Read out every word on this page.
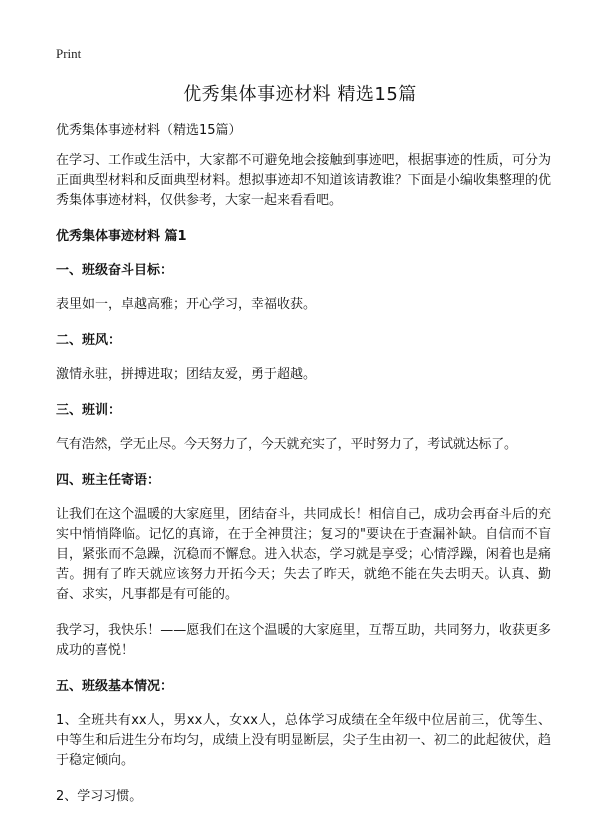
Print
优秀集体事迹材料 精选15篇

优秀集体事迹材料（精选15篇）

在学习、工作或生活中，大家都不可避免地会接触到事迹吧，根据事迹的性质，可分为正面典型材料和反面典型材料。想拟事迹却不知道该请教谁？下面是小编收集整理的优秀集体事迹材料，仅供参考，大家一起来看看吧。

优秀集体事迹材料 篇1

一、班级奋斗目标：

表里如一，卓越高雅；开心学习，幸福收获。

二、班风：

激情永驻，拼搏进取；团结友爱，勇于超越。

三、班训：

气有浩然，学无止尽。今天努力了，今天就充实了，平时努力了，考试就达标了。

四、班主任寄语：

让我们在这个温暖的大家庭里，团结奋斗，共同成长！相信自己，成功会再奋斗后的充实中悄悄降临。记忆的真谛，在于全神贯注；复习的"要诀在于查漏补缺。自信而不盲目，紧张而不急躁，沉稳而不懈怠。进入状态，学习就是享受；心情浮躁，闲着也是痛苦。拥有了昨天就应该努力开拓今天；失去了昨天，就绝不能在失去明天。认真、勤奋、求实，凡事都是有可能的。

我学习，我快乐！——愿我们在这个温暖的大家庭里，互帮互助，共同努力，收获更多成功的喜悦！

五、班级基本情况：

1、全班共有xx人，男xx人，女xx人，总体学习成绩在全年级中位居前三，优等生、中等生和后进生分布均匀，成绩上没有明显断层，尖子生由初一、初二的此起彼伏，趋于稳定倾向。

2、学习习惯。
